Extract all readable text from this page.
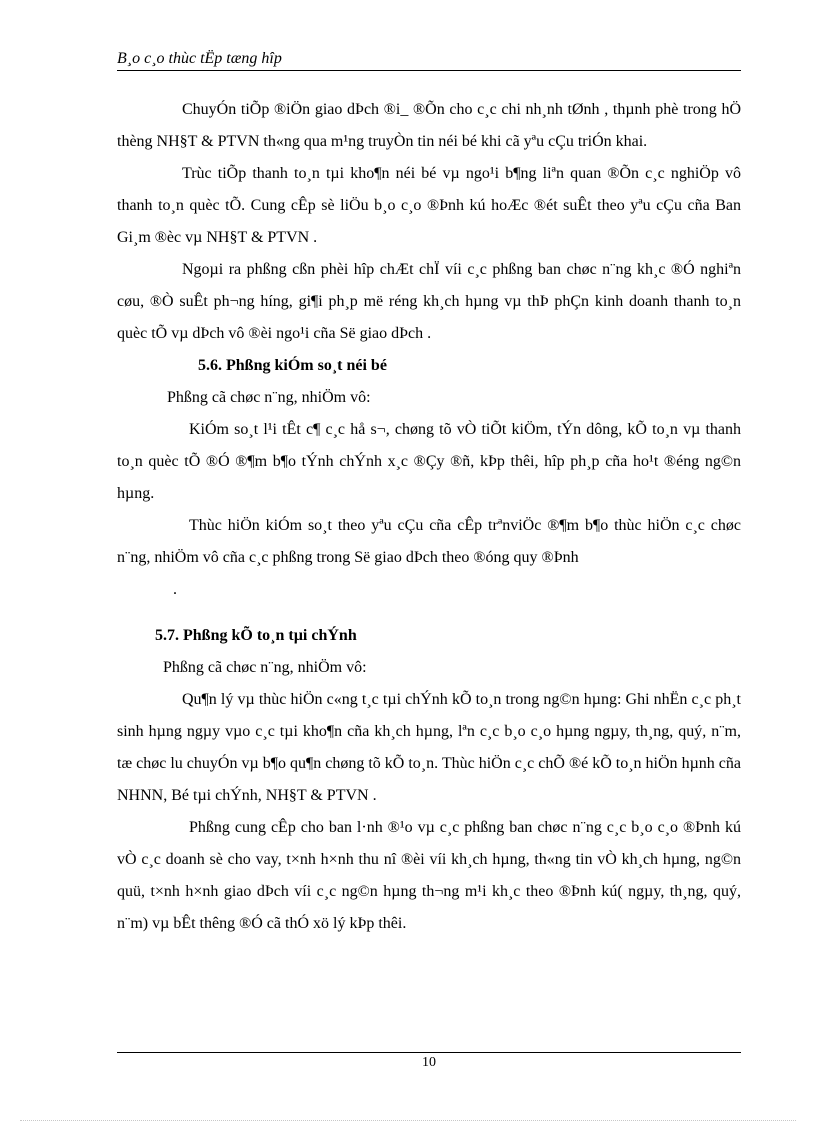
B¸o c¸o thùc tËp tæng hîp

ChuyÓn tiÕp ®iÖn giao dÞch ®i_ ®Õn cho c¸c chi nh¸nh tØnh , thµnh phè trong hÖ thèng NH§T & PTVN th«ng qua m¹ng truyÒn tin néi bé khi cã yªu cÇu triÓn khai.

Trùc tiÕp thanh to¸n tµi kho¶n néi bé vµ ngo¹i b¶ng liªn quan ®Õn c¸c nghiÖp vô thanh to¸n quèc tÕ. Cung cÊp sè liÖu b¸o c¸o ®Þnh kú hoÆc ®ét suÊt theo yªu cÇu cña Ban Gi¸m ®èc vµ NH§T & PTVN .

Ngoµi ra phßng cßn phèi hîp chÆt chÏ víi c¸c phßng ban chøc n¨ng kh¸c ®Ó nghiªn cøu, ®Ò suÊt ph¬ng híng, gi¶i ph¸p më réng kh¸ch hµng vµ thÞ phÇn kinh doanh thanh to¸n quèc tÕ vµ dÞch vô ®èi ngo¹i cña Së giao dÞch .

5.6. Phßng kiÓm so¸t néi bé

Phßng cã chøc n¨ng, nhiÖm vô:

KiÓm so¸t l¹i tÊt c¶ c¸c hå s¬, chøng tõ vÒ tiÕt kiÖm, tÝn dông, kÕ to¸n vµ thanh to¸n quèc tÕ ®Ó ®¶m b¶o tÝnh chÝnh x¸c ®Çy ®ñ, kÞp thêi, hîp ph¸p cña ho¹t ®éng ng©n hµng.

Thùc hiÖn kiÓm so¸t theo yªu cÇu cña cÊp trªnviÖc ®¶m b¶o thùc hiÖn c¸c chøc n¨ng, nhiÖm vô cña c¸c phßng trong Së giao dÞch theo ®óng quy ®Þnh

.

5.7. Phßng kÕ to¸n tµi chÝnh

Phßng cã chøc n¨ng, nhiÖm vô:

Qu¶n lý vµ thùc hiÖn c«ng t¸c tµi chÝnh kÕ to¸n trong ng©n hµng: Ghi nhËn c¸c ph¸t sinh hµng ngµy vµo c¸c tµi kho¶n cña kh¸ch hµng, lªn c¸c b¸o c¸o hµng ngµy, th¸ng, quý, n¨m, tæ chøc lu chuyÓn vµ b¶o qu¶n chøng tõ kÕ to¸n. Thùc hiÖn c¸c chÕ ®é kÕ to¸n hiÖn hµnh cña NHNN, Bé tµi chÝnh, NH§T & PTVN .

Phßng cung cÊp cho ban l·nh ®¹o vµ c¸c phßng ban chøc n¨ng c¸c b¸o c¸o ®Þnh kú vÒ c¸c doanh sè cho vay, t×nh h×nh thu nî ®èi víi kh¸ch hµng, th«ng tin vÒ kh¸ch hµng, ng©n quü, t×nh h×nh giao dÞch víi c¸c ng©n hµng th¬ng m¹i kh¸c theo ®Þnh kú( ngµy, th¸ng, quý, n¨m) vµ bÊt thêng ®Ó cã thÓ xö lý kÞp thêi.

10
